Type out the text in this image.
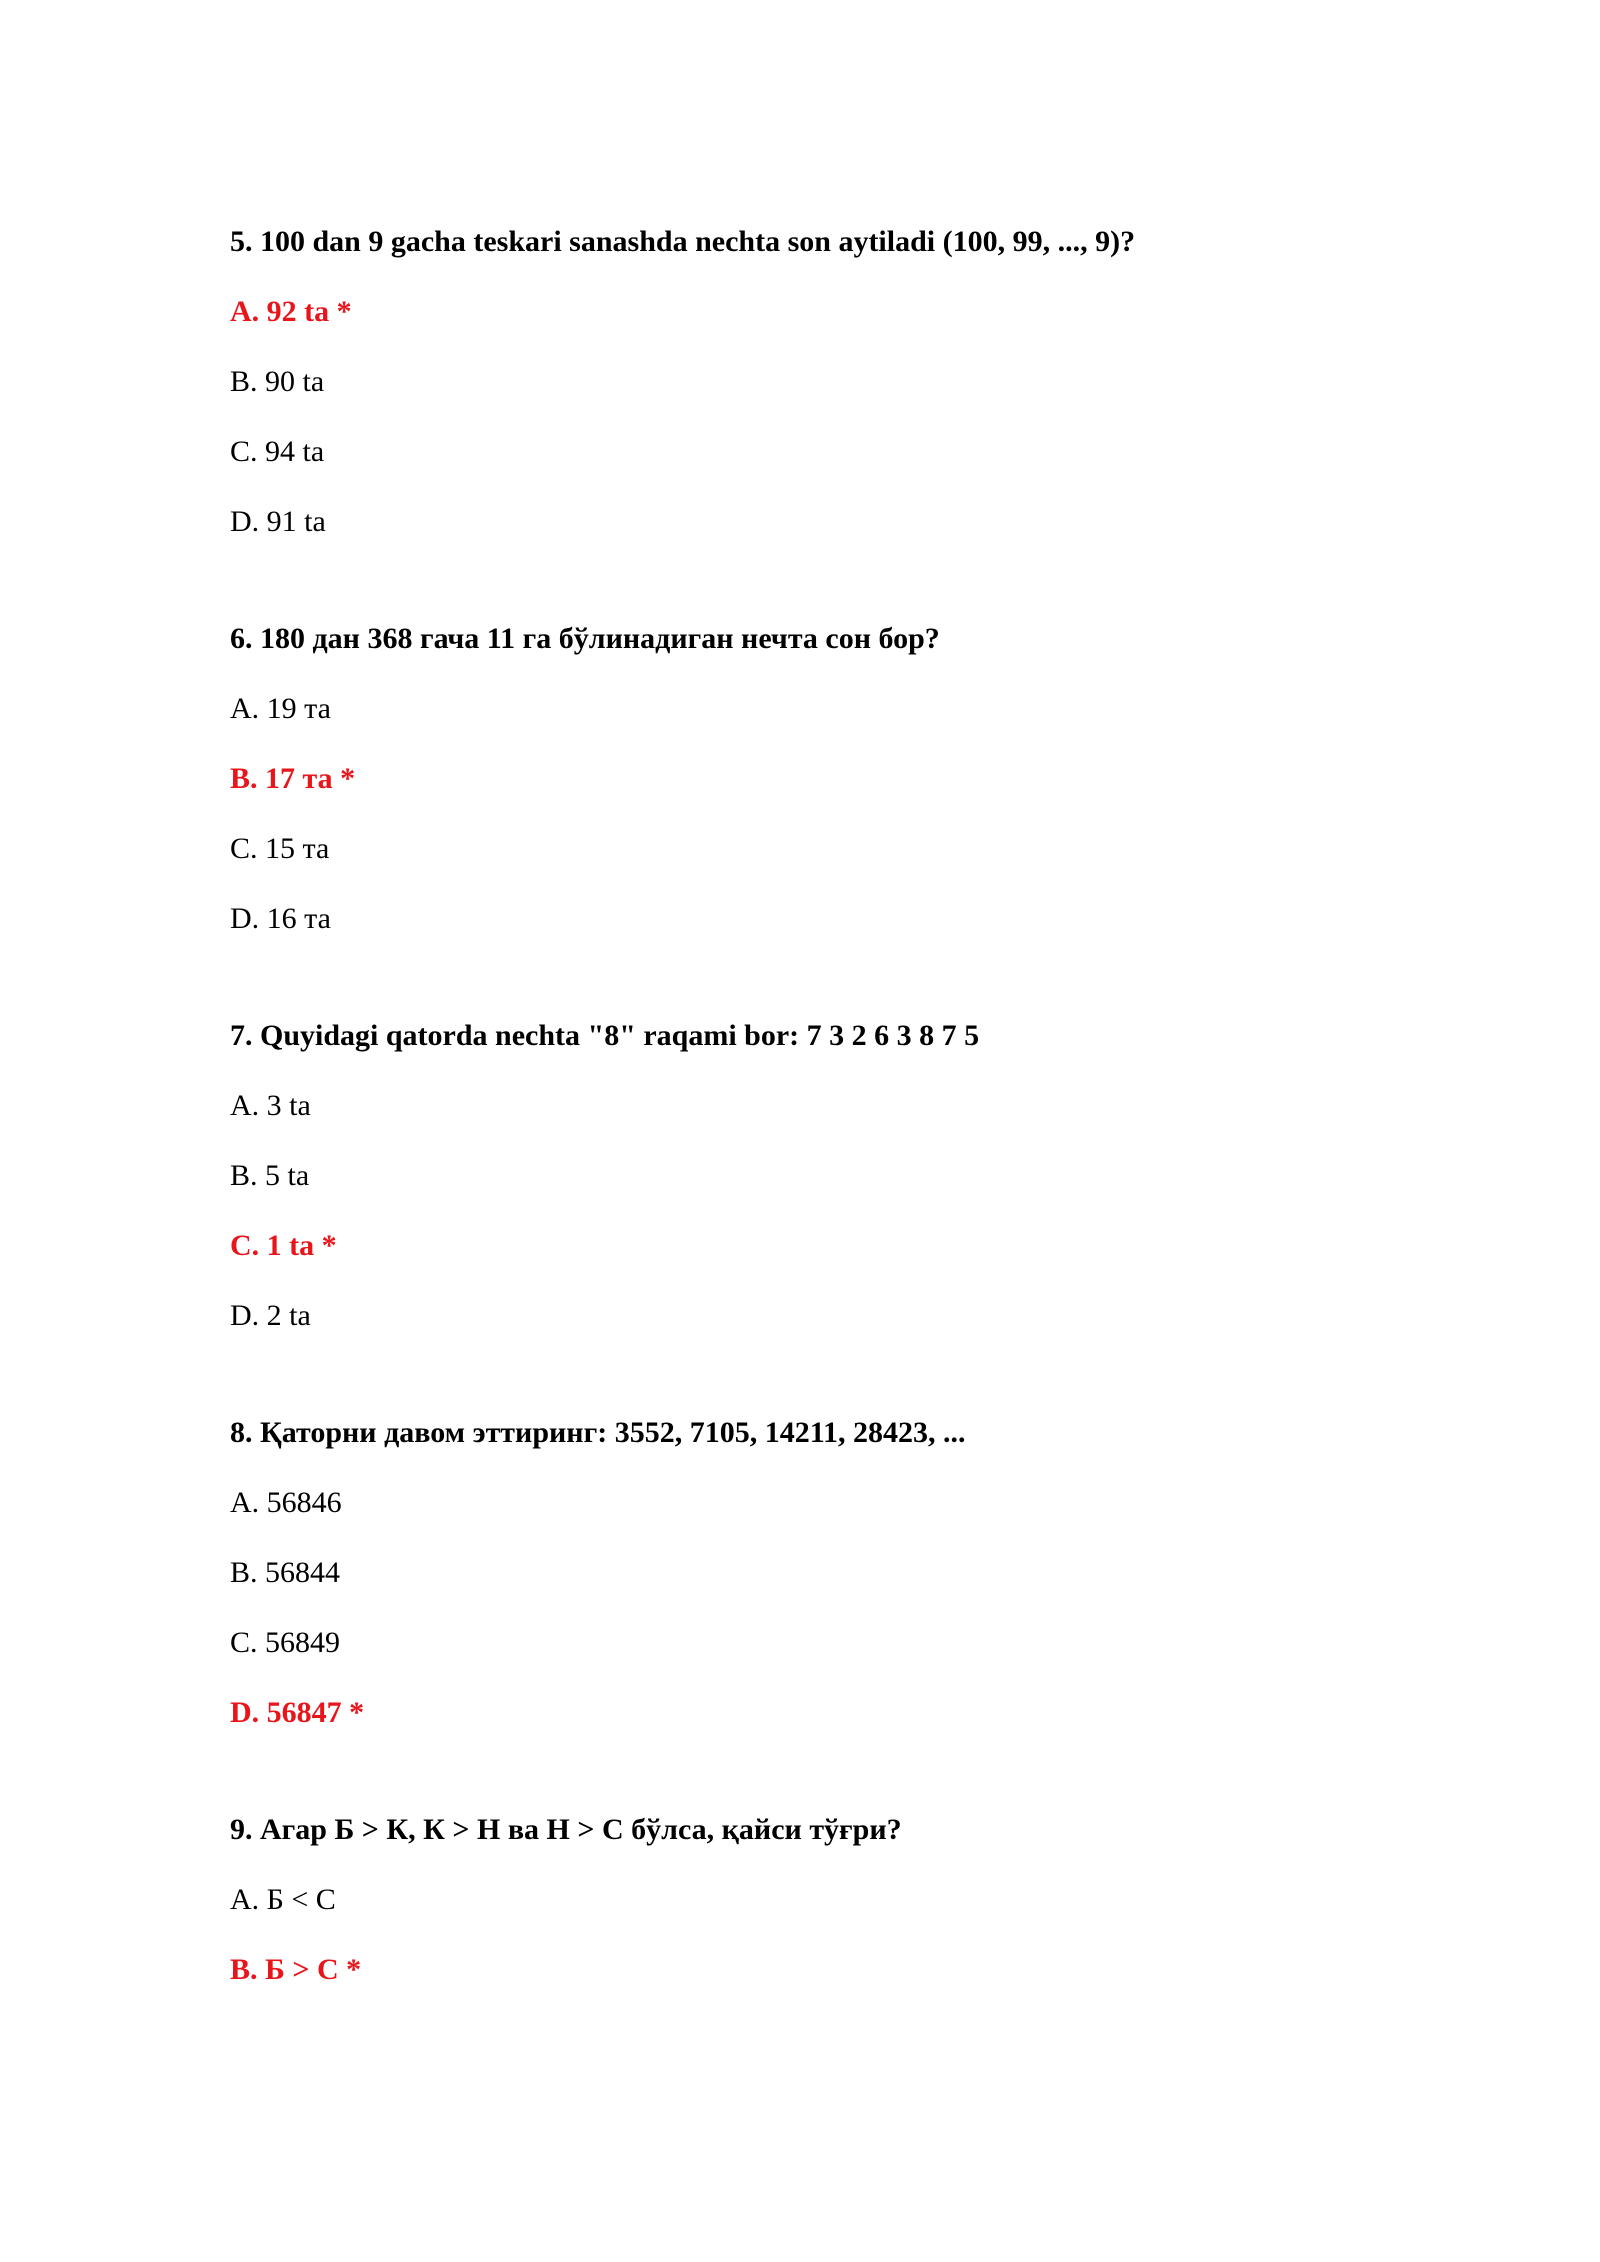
5. 100 dan 9 gacha teskari sanashda nechta son aytiladi (100, 99, ..., 9)?
A. 92 ta *
B. 90 ta
C. 94 ta
D. 91 ta
6. 180 дан 368 гача 11 га бўлинадиган нечта сон бор?
A. 19 та
B. 17 та *
C. 15 та
D. 16 та
7. Quyidagi qatorda nechta "8" raqami bor: 7 3 2 6 3 8 7 5
A. 3 ta
B. 5 ta
C. 1 ta *
D. 2 ta
8. Қаторни давом эттиринг: 3552, 7105, 14211, 28423, ...
A. 56846
B. 56844
C. 56849
D. 56847 *
9. Агар Б > К, К > Н ва Н > С бўлса, қайси тўғри?
A. Б < С
B. Б > С *
